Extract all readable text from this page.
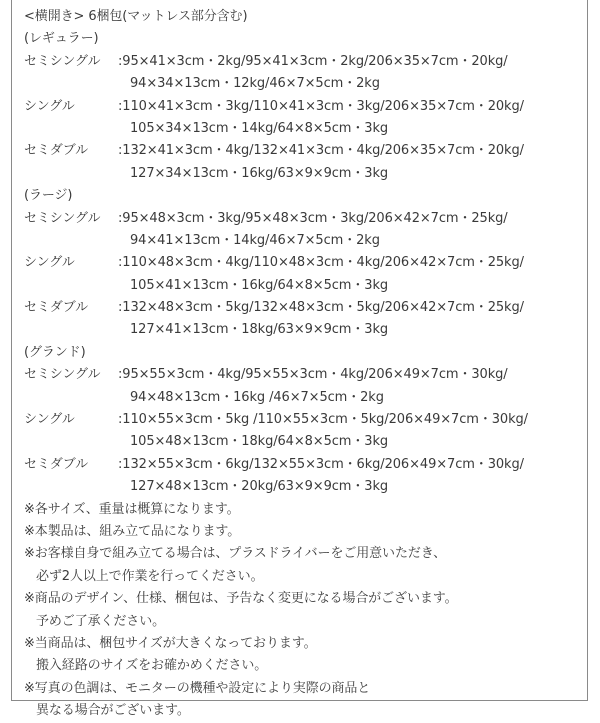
<横開き> 6梱包(マットレス部分含む)
(レギュラー)
セミシングル	:95×41×3cm・2kg/95×41×3cm・2kg/206×35×7cm・20kg/
94×34×13cm・12kg/46×7×5cm・2kg
シングル	:110×41×3cm・3kg/110×41×3cm・3kg/206×35×7cm・20kg/
105×34×13cm・14kg/64×8×5cm・3kg
セミダブル	:132×41×3cm・4kg/132×41×3cm・4kg/206×35×7cm・20kg/
127×34×13cm・16kg/63×9×9cm・3kg
(ラージ)
セミシングル	:95×48×3cm・3kg/95×48×3cm・3kg/206×42×7cm・25kg/
94×41×13cm・14kg/46×7×5cm・2kg
シングル	:110×48×3cm・4kg/110×48×3cm・4kg/206×42×7cm・25kg/
105×41×13cm・16kg/64×8×5cm・3kg
セミダブル	:132×48×3cm・5kg/132×48×3cm・5kg/206×42×7cm・25kg/
127×41×13cm・18kg/63×9×9cm・3kg
(グランド)
セミシングル	:95×55×3cm・4kg/95×55×3cm・4kg/206×49×7cm・30kg/
94×48×13cm・16kg /46×7×5cm・2kg
シングル	:110×55×3cm・5kg /110×55×3cm・5kg/206×49×7cm・30kg/
105×48×13cm・18kg/64×8×5cm・3kg
セミダブル	:132×55×3cm・6kg/132×55×3cm・6kg/206×49×7cm・30kg/
127×48×13cm・20kg/63×9×9cm・3kg
※各サイズ、重量は概算になります。
※本製品は、組み立て品になります。
※お客様自身で組み立てる場合は、プラスドライバーをご用意いただき、
必ず2人以上で作業を行ってください。
※商品のデザイン、仕様、梱包は、予告なく変更になる場合がございます。
予めご了承ください。
※当商品は、梱包サイズが大きくなっております。
搬入経路のサイズをお確かめください。
※写真の色調は、モニターの機種や設定により実際の商品と
異なる場合がございます。
